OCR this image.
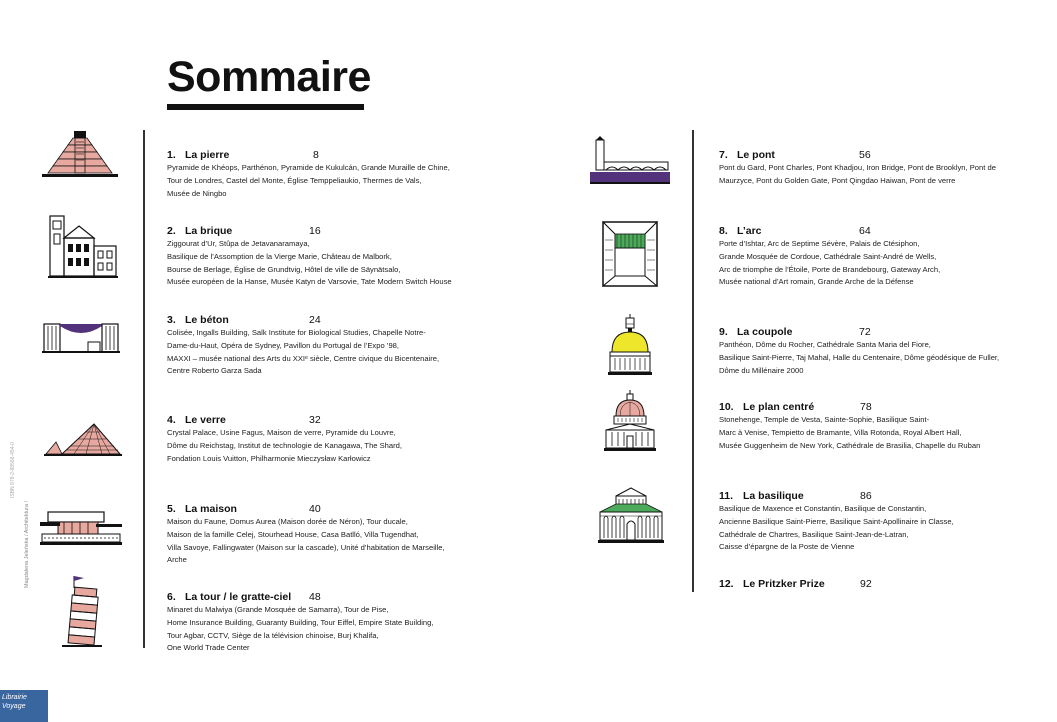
Sommaire
1. La pierre	8
Pyramide de Khéops, Parthénon, Pyramide de Kukulcán, Grande Muraille de Chine,
Tour de Londres, Castel del Monte, Église Temppeliaukio, Thermes de Vals,
Musée de Ningbo
2. La brique	16
Ziggourat d’Ur, Stûpa de Jetavanaramaya,
Basilique de l’Assomption de la Vierge Marie, Château de Malbork,
Bourse de Berlage, Église de Grundtvig, Hôtel de ville de Säynätsalo,
Musée européen de la Hanse, Musée Katyn de Varsovie, Tate Modern Switch House
3. Le béton	24
Colisée, Ingalls Building, Salk Institute for Biological Studies, Chapelle Notre-
Dame-du-Haut, Opéra de Sydney, Pavillon du Portugal de l’Expo ’98,
MAXXI – musée national des Arts du XXIᵉ siècle, Centre civique du Bicentenaire,
Centre Roberto Garza Sada
4. Le verre	32
Crystal Palace, Usine Fagus, Maison de verre, Pyramide du Louvre,
Dôme du Reichstag, Institut de technologie de Kanagawa, The Shard,
Fondation Louis Vuitton, Philharmonie Mieczysław Karłowicz
5. La maison	40
Maison du Faune, Domus Aurea (Maison dorée de Néron), Tour ducale,
Maison de la famille Celej, Stourhead House, Casa Batlló, Villa Tugendhat,
Villa Savoye, Fallingwater (Maison sur la cascade), Unité d’habitation de Marseille,
Arche
6. La tour / le gratte-ciel 48
Minaret du Malwiya (Grande Mosquée de Samarra), Tour de Pise,
Home Insurance Building, Guaranty Building, Tour Eiffel, Empire State Building,
Tour Agbar, CCTV, Siège de la télévision chinoise, Burj Khalifa,
One World Trade Center
7. Le pont	56
Pont du Gard, Pont Charles, Pont Khadjou, Iron Bridge, Pont de Brooklyn, Pont de
Maurzyce, Pont du Golden Gate, Pont Qingdao Haiwan, Pont de verre
8. L’arc	64
Porte d’Ishtar, Arc de Septime Sévère, Palais de Ctésiphon,
Grande Mosquée de Cordoue, Cathédrale Saint-André de Wells,
Arc de triomphe de l’Étoile, Porte de Brandebourg, Gateway Arch,
Musée national d’Art romain, Grande Arche de la Défense
9. La coupole	72
Panthéon, Dôme du Rocher, Cathédrale Santa Maria del Fiore,
Basilique Saint-Pierre, Taj Mahal, Halle du Centenaire, Dôme géodésique de Fuller,
Dôme du Millénaire 2000
10. Le plan centré	78
Stonehenge, Temple de Vesta, Sainte-Sophie, Basilique Saint-
Marc à Venise, Tempietto de Bramante, Villa Rotonda, Royal Albert Hall,
Musée Guggenheim de New York, Cathédrale de Brasilia, Chapelle du Ruban
11. La basilique	86
Basilique de Maxence et Constantin, Basilique de Constantin,
Ancienne Basilique Saint-Pierre, Basilique Saint-Apollinaire in Classe,
Cathédrale de Chartres, Basilique Saint-Jean-de-Latran,
Caisse d’épargne de la Poste de Vienne
12. Le Pritzker Prize	92
Magdalena Jeleńska / Architektura /
ISBN 978-2-88566-454-0
Librairie Voyage
